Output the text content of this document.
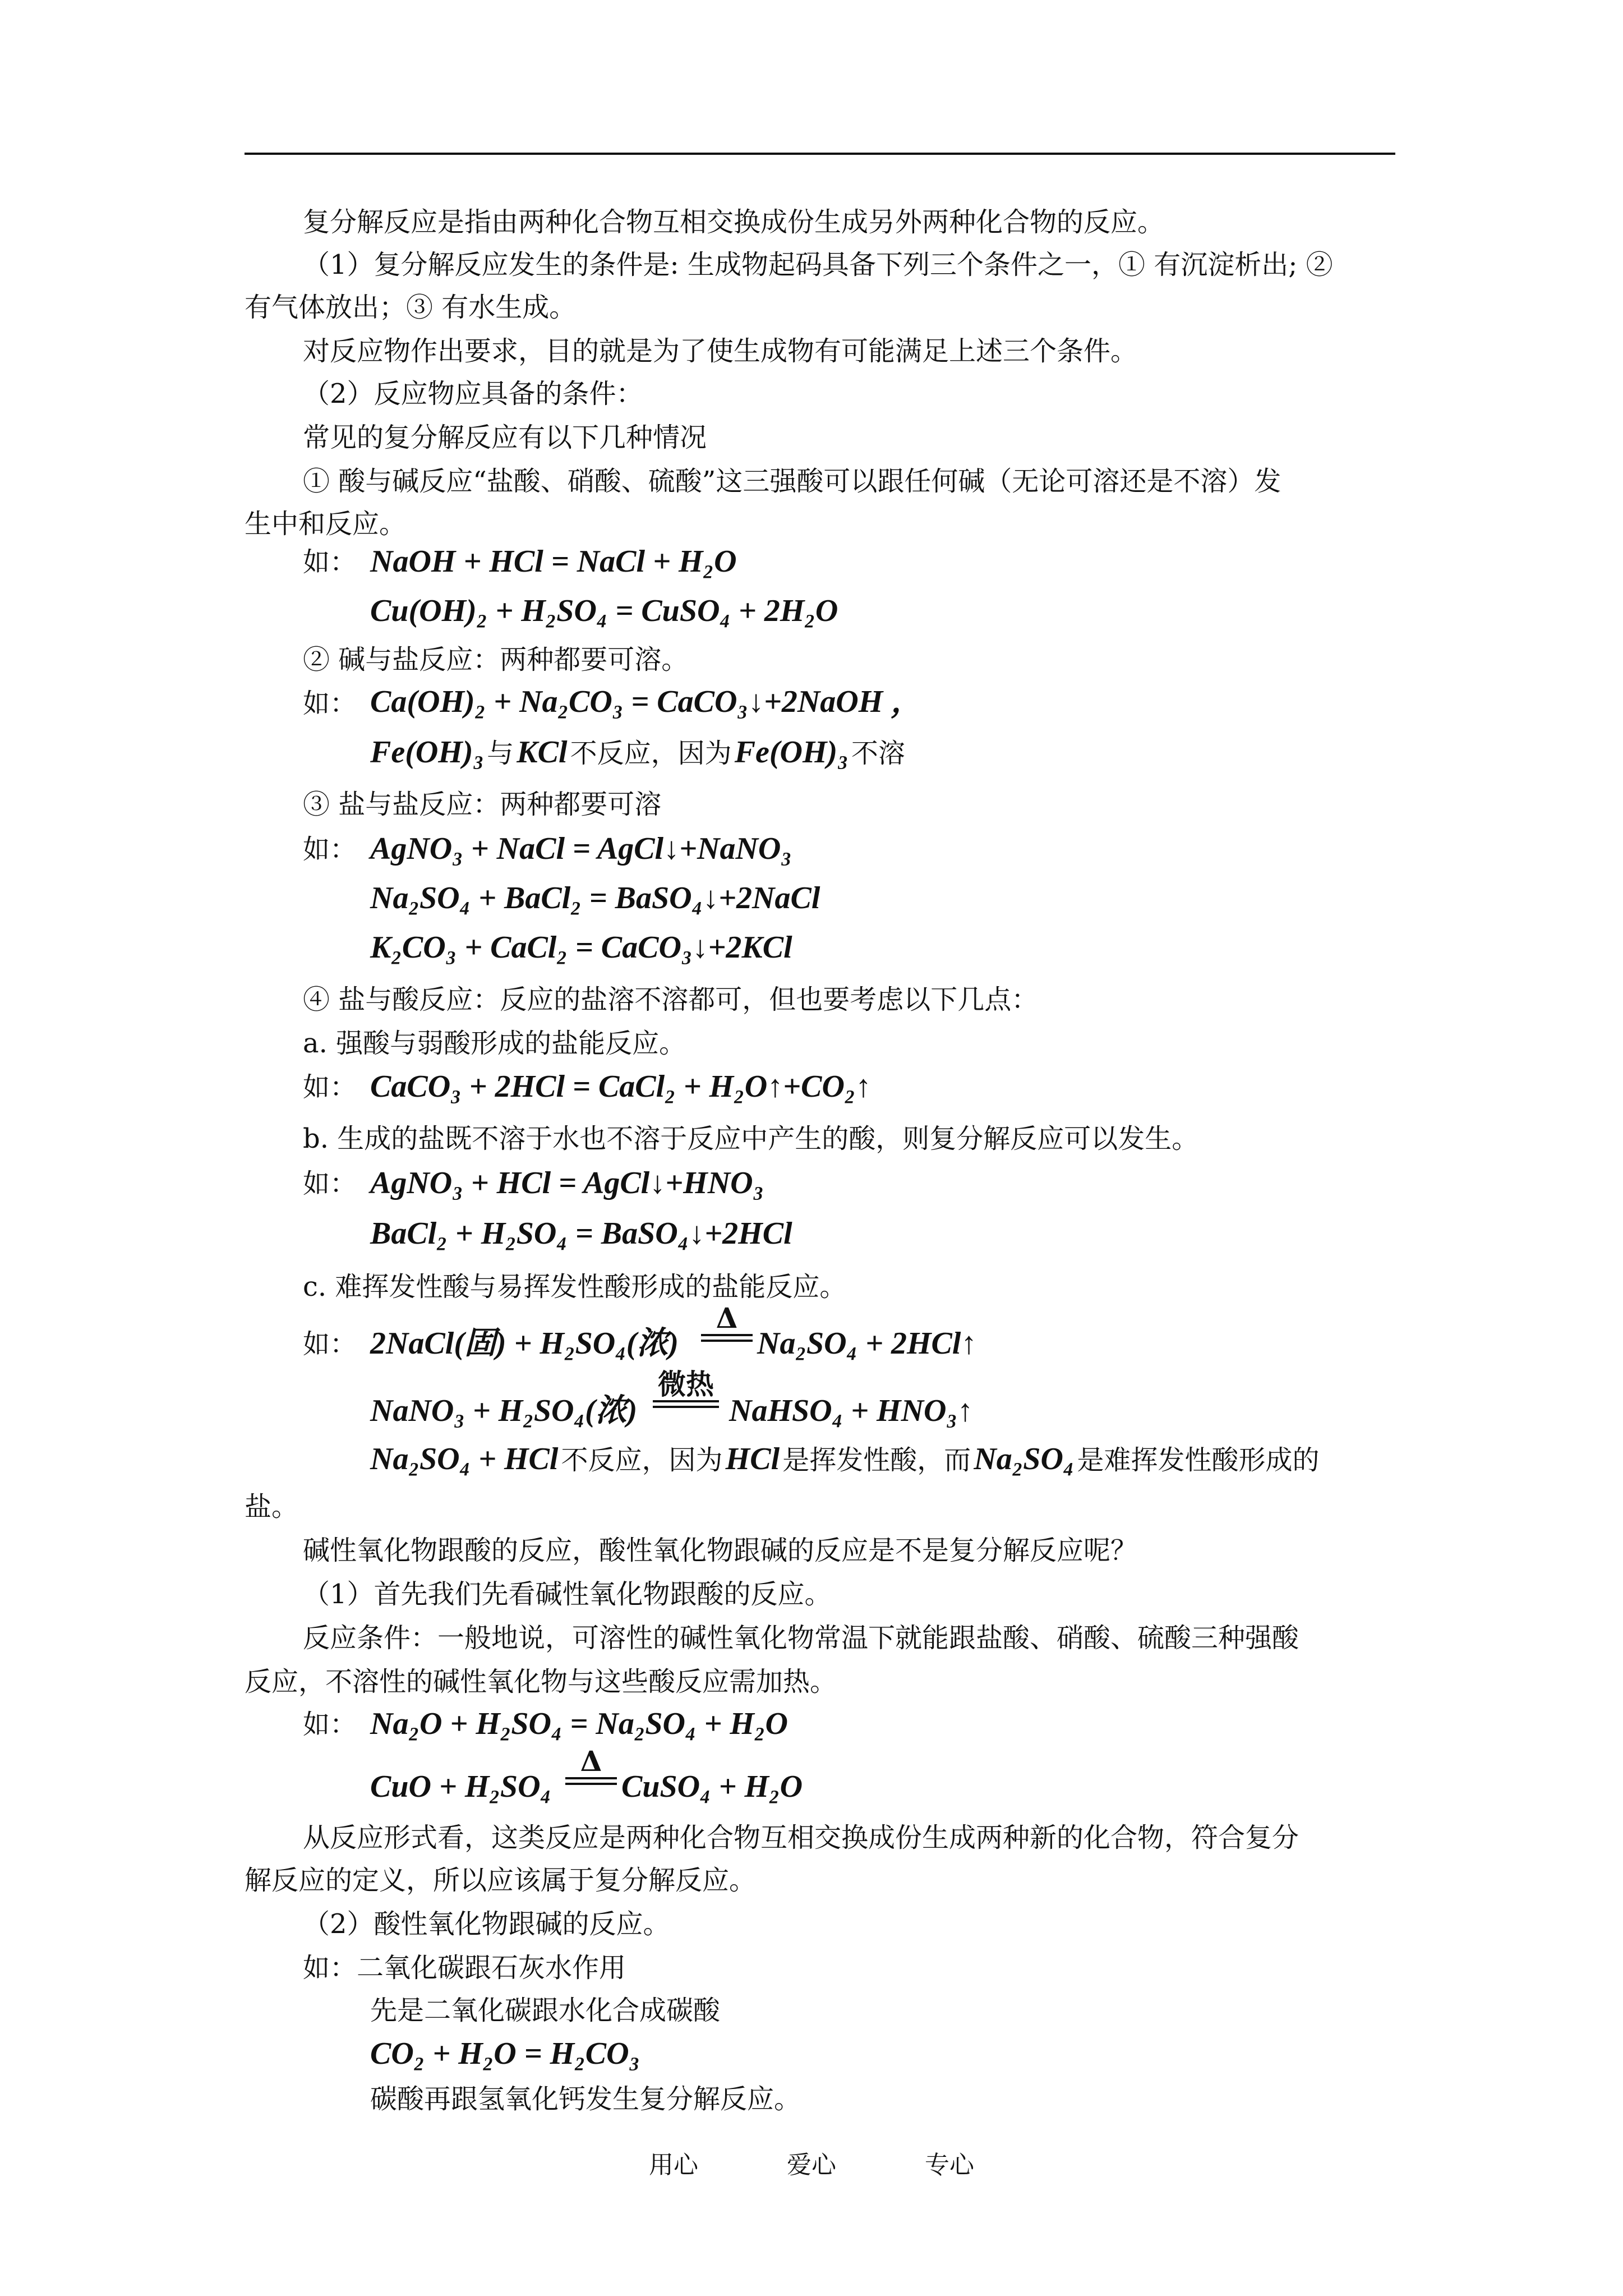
复分解反应是指由两种化合物互相交换成份生成另外两种化合物的反应。
（1）复分解反应发生的条件是: 生成物起码具备下列三个条件之一，① 有沉淀析出; ②
有气体放出；③ 有水生成。
对反应物作出要求，目的就是为了使生成物有可能满足上述三个条件。
（2）反应物应具备的条件：
常见的复分解反应有以下几种情况
① 酸与碱反应“盐酸、硝酸、硫酸”这三强酸可以跟任何碱（无论可溶还是不溶）发
生中和反应。
如： NaOH + HCl = NaCl + H₂O
Cu(OH)₂ + H₂SO₄ = CuSO₄ + 2H₂O
② 碱与盐反应：两种都要可溶。
如： Ca(OH)₂ + Na₂CO₃ = CaCO₃↓+2NaOH ，
Fe(OH)₃ 与 KCl 不反应，因为 Fe(OH)₃ 不溶
③ 盐与盐反应：两种都要可溶
如： AgNO₃ + NaCl = AgCl↓+NaNO₃
Na₂SO₄ + BaCl₂ = BaSO₄↓+2NaCl
K₂CO₃ + CaCl₂ = CaCO₃↓+2KCl
④ 盐与酸反应：反应的盐溶不溶都可，但也要考虑以下几点：
a. 强酸与弱酸形成的盐能反应。
如： CaCO₃ + 2HCl = CaCl₂ + H₂O↑+CO₂↑
b. 生成的盐既不溶于水也不溶于反应中产生的酸，则复分解反应可以发生。
如： AgNO₃ + HCl = AgCl↓+HNO₃
BaCl₂ + H₂SO₄ = BaSO₄↓+2HCl
c. 难挥发性酸与易挥发性酸形成的盐能反应。
如： 2NaCl(固) + H₂SO₄(浓)
Δ
Na₂SO₄ + 2HCl↑
NaNO₃ + H₂SO₄(浓)
微热
NaHSO₄ + HNO₃↑
Na₂SO₄ + HCl 不反应，因为 HCl 是挥发性酸，而 Na₂SO₄ 是难挥发性酸形成的
盐。
碱性氧化物跟酸的反应，酸性氧化物跟碱的反应是不是复分解反应呢？
（1）首先我们先看碱性氧化物跟酸的反应。
反应条件：一般地说，可溶性的碱性氧化物常温下就能跟盐酸、硝酸、硫酸三种强酸
反应，不溶性的碱性氧化物与这些酸反应需加热。
如： Na₂O + H₂SO₄ = Na₂SO₄ + H₂O
CuO + H₂SO₄
Δ
CuSO₄ + H₂O
从反应形式看，这类反应是两种化合物互相交换成份生成两种新的化合物，符合复分
解反应的定义，所以应该属于复分解反应。
（2）酸性氧化物跟碱的反应。
如：二氧化碳跟石灰水作用
先是二氧化碳跟水化合成碳酸
CO₂ + H₂O = H₂CO₃
碳酸再跟氢氧化钙发生复分解反应。
用心	爱心	专心
